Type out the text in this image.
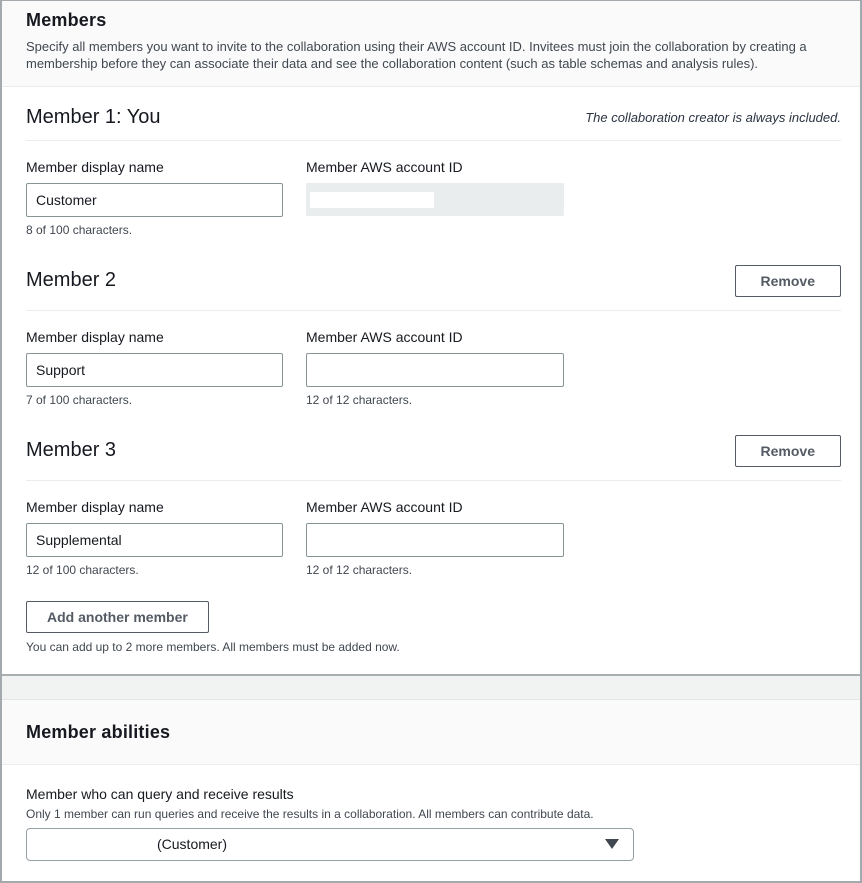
Members

Specify all members you want to invite to the collaboration using their AWS account ID. Invitees must join the collaboration by creating a membership before they can associate their data and see the collaboration content (such as table schemas and analysis rules).

Member 1: You	The collaboration creator is always included.
Member display name
Customer
8 of 100 characters.
Member AWS account ID
Member 2	Remove
Member display name
Support
7 of 100 characters.
Member AWS account ID
12 of 12 characters.
Member 3	Remove
Member display name
Supplemental
12 of 100 characters.
Member AWS account ID
12 of 12 characters.
Add another member
You can add up to 2 more members. All members must be added now.
Member abilities
Member who can query and receive results
Only 1 member can run queries and receive the results in a collaboration. All members can contribute data.
(Customer)
